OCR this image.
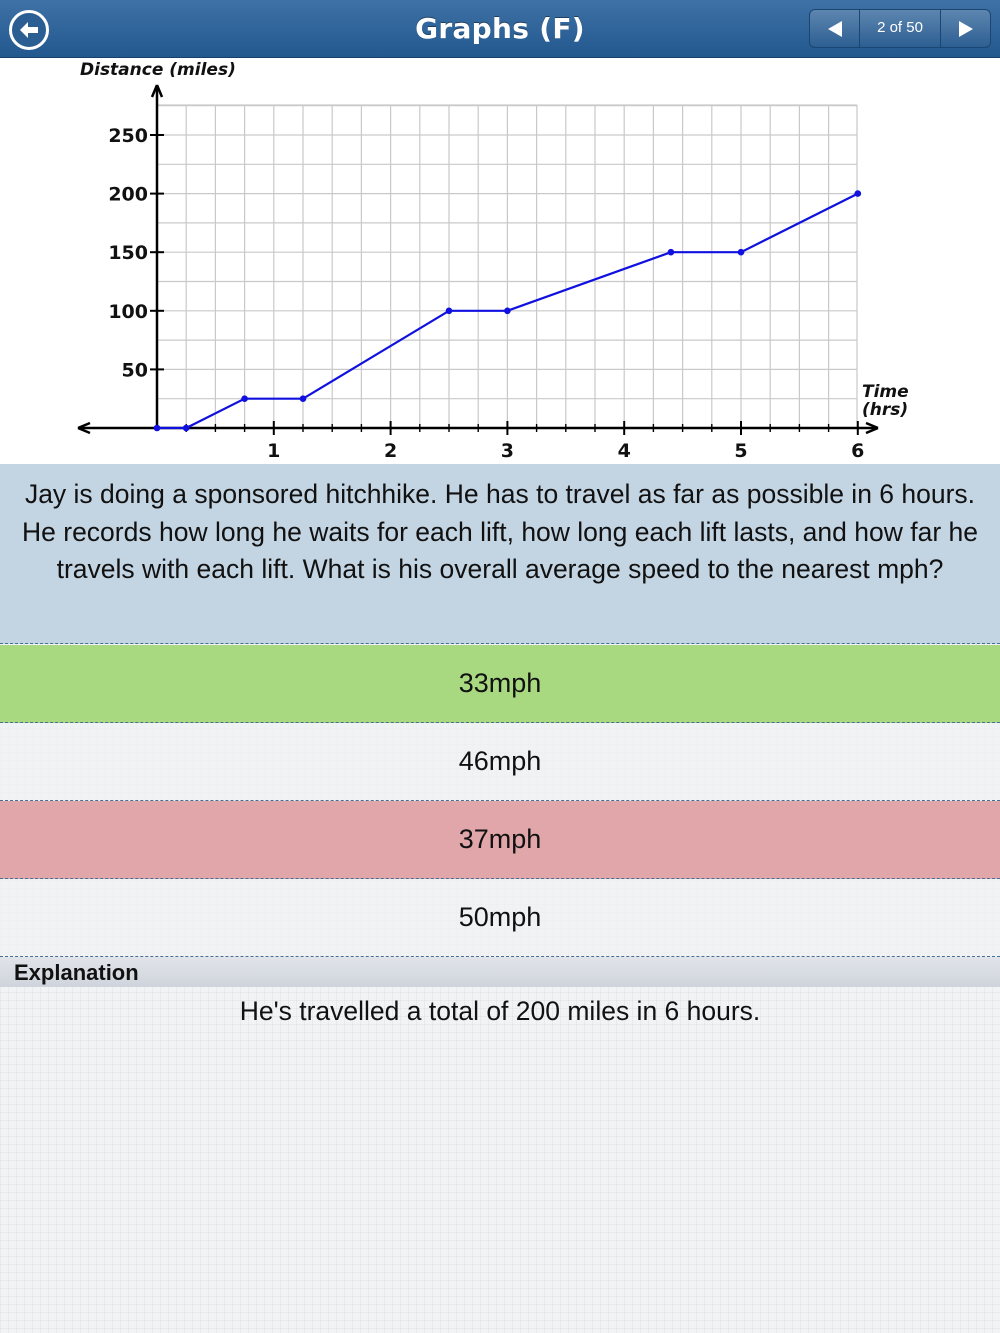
Graphs (F)	2 of 50
1	2	3	4	5	6
50
100
150
200
250
Distance (miles)
Time
(hrs)

Jay is doing a sponsored hitchhike. He has to travel as far as possible in 6 hours. He records how long he waits for each lift, how long each lift lasts, and how far he travels with each lift. What is his overall average speed to the nearest mph?

33mph
46mph
37mph
50mph
Explanation
He's travelled a total of 200 miles in 6 hours.
